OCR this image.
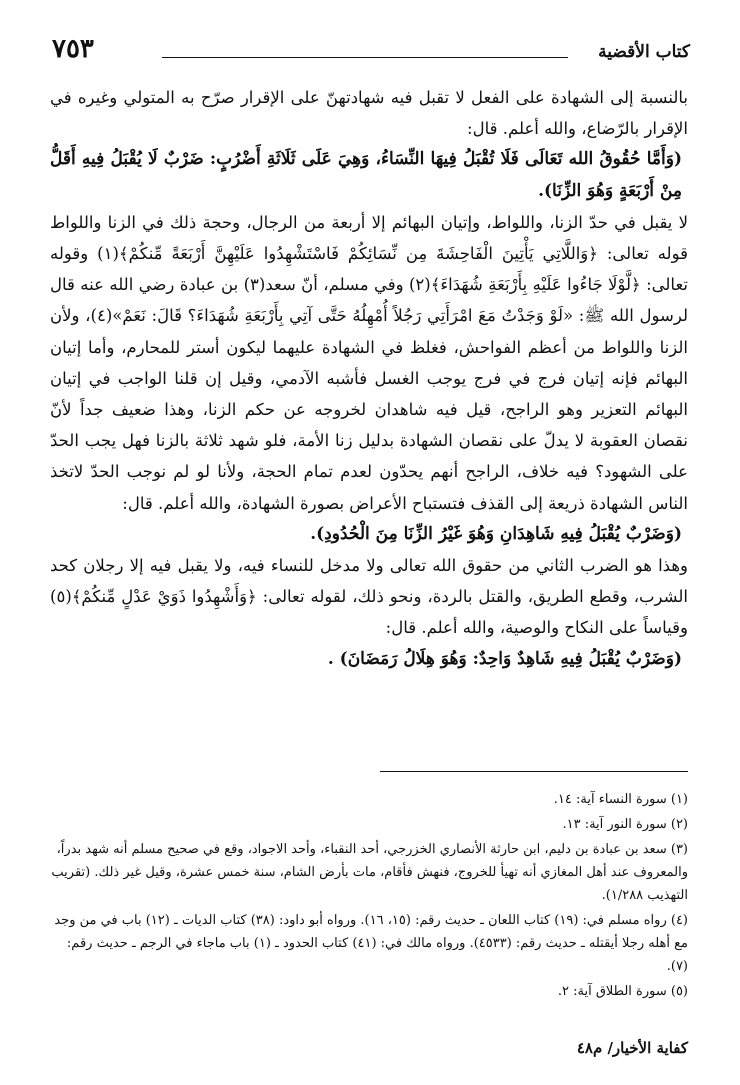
كتاب الأقضية
٧٥٣

بالنسبة إلى الشهادة على الفعل لا تقبل فيه شهادتهنّ على الإقرار صرّح به المتولي وغيره في الإقرار بالرّضاع، والله أعلم. قال:

(وَأَمَّا حُقُوقُ الله تَعَالَى فَلَا تُقْبَلُ فِيهَا النِّسَاءُ، وَهِيَ عَلَى ثَلَاثَةِ أَضْرُبٍ: ضَرْبٌ لَا يُقْبَلُ فِيهِ أَقَلُّ مِنْ أَرْبَعَةٍ وَهُوَ الزِّنَا).

لا يقبل في حدّ الزنا، واللواط، وإتيان البهائم إلا أربعة من الرجال، وحجة ذلك في الزنا واللواط قوله تعالى: ﴿وَاللَّاتِي يَأْتِينَ الْفَاحِشَةَ مِن نِّسَائِكُمْ فَاسْتَشْهِدُوا عَلَيْهِنَّ أَرْبَعَةً مِّنكُمْ﴾(١) وقوله تعالى: ﴿لَّوْلَا جَاءُوا عَلَيْهِ بِأَرْبَعَةِ شُهَدَاءَ﴾(٢) وفي مسلم، أنّ سعد(٣) بن عبادة رضي الله عنه قال لرسول الله ﷺ: «لَوْ وَجَدْتُ مَعَ امْرَأَتِي رَجُلاً أُمْهِلُهُ حَتَّى آتِي بِأَرْبَعَةِ شُهَدَاءَ؟ قَالَ: نَعَمْ»(٤)، ولأن الزنا واللواط من أعظم الفواحش، فغلظ في الشهادة عليهما ليكون أستر للمحارم، وأما إتيان البهائم فإنه إتيان فرج في فرج يوجب الغسل فأشبه الآدمي، وقيل إن قلنا الواجب في إتيان البهائم التعزير وهو الراجح، قيل فيه شاهدان لخروجه عن حكم الزنا، وهذا ضعيف جداً لأنّ نقصان العقوبة لا يدلّ على نقصان الشهادة بدليل زنا الأمة، فلو شهد ثلاثة بالزنا فهل يجب الحدّ على الشهود؟ فيه خلاف، الراجح أنهم يحدّون لعدم تمام الحجة، ولأنا لو لم نوجب الحدّ لاتخذ الناس الشهادة ذريعة إلى القذف فتستباح الأعراض بصورة الشهادة، والله أعلم. قال:

(وَضَرْبٌ يُقْبَلُ فِيهِ شَاهِدَانِ وَهُوَ غَيْرُ الزِّنَا مِنَ الْحُدُودِ).

وهذا هو الضرب الثاني من حقوق الله تعالى ولا مدخل للنساء فيه، ولا يقبل فيه إلا رجلان كحد الشرب، وقطع الطريق، والقتل بالردة، ونحو ذلك، لقوله تعالى: ﴿وَأَشْهِدُوا ذَوَيْ عَدْلٍ مِّنكُمْ﴾(٥) وقياساً على النكاح والوصية، والله أعلم. قال:

(وَضَرْبٌ يُقْبَلُ فِيهِ شَاهِدٌ وَاحِدٌ: وَهُوَ هِلَالُ رَمَضَانَ) .

(١) سورة النساء آية: ١٤.
(٢) سورة النور آية: ١٣.
(٣) سعد بن عبادة بن دليم، ابن حارثة الأنصاري الخزرجي، أحد النقباء، وأحد الاجواد، وقع في صحيح مسلم أنه شهد بدراً، والمعروف عند أهل المغازي أنه تهيأ للخروج، فنهش فأقام، مات بأرض الشام، سنة خمس عشرة، وقيل غير ذلك. (تقريب التهذيب ١/٢٨٨).
(٤) رواه مسلم في: (١٩) كتاب اللعان ـ حديث رقم: (١٥، ١٦). ورواه أبو داود: (٣٨) كتاب الديات ـ (١٢) باب في من وجد مع أهله رجلا أيقتله ـ حديث رقم: (٤٥٣٣). ورواه مالك في: (٤١) كتاب الحدود ـ (١) باب ماجاء في الرجم ـ حديث رقم: (٧).
(٥) سورة الطلاق آية: ٢.
كفاية الأخيار/ م٤٨
